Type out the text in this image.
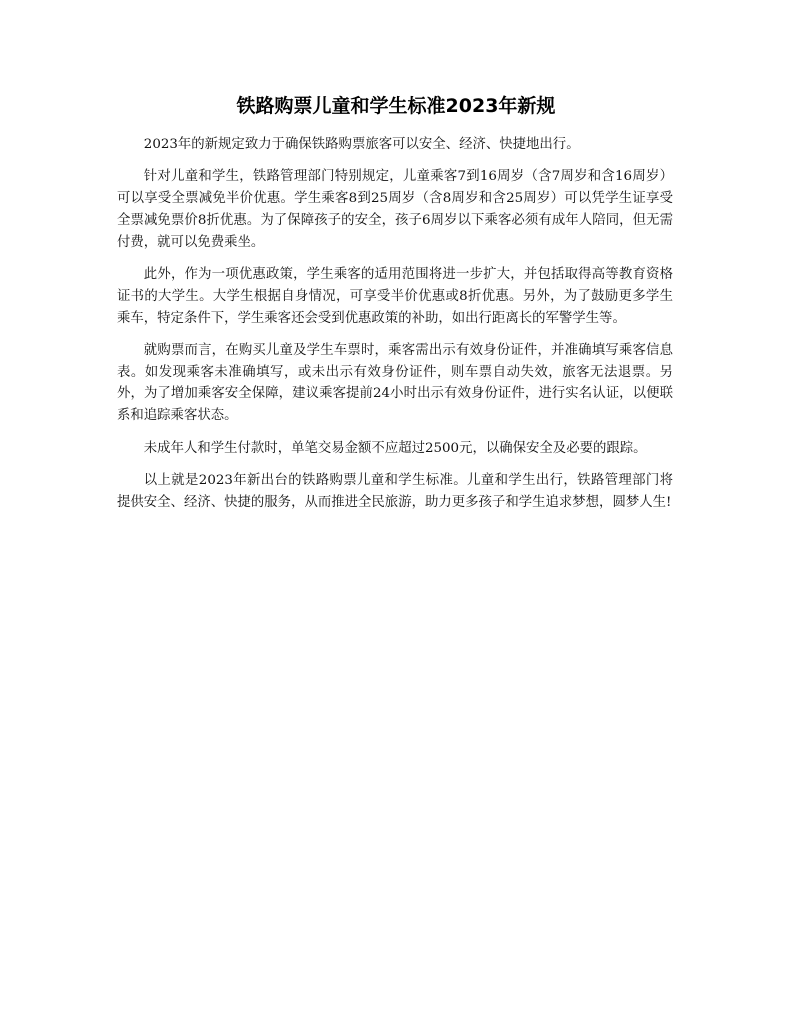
铁路购票儿童和学生标准2023年新规

2023年的新规定致力于确保铁路购票旅客可以安全、经济、快捷地出行。

针对儿童和学生，铁路管理部门特别规定，儿童乘客7到16周岁（含7周岁和含16周岁）可以享受全票减免半价优惠。学生乘客8到25周岁（含8周岁和含25周岁）可以凭学生证享受全票减免票价8折优惠。为了保障孩子的安全，孩子6周岁以下乘客必须有成年人陪同，但无需付费，就可以免费乘坐。

此外，作为一项优惠政策，学生乘客的适用范围将进一步扩大，并包括取得高等教育资格证书的大学生。大学生根据自身情况，可享受半价优惠或8折优惠。另外，为了鼓励更多学生乘车，特定条件下，学生乘客还会受到优惠政策的补助，如出行距离长的军警学生等。

就购票而言，在购买儿童及学生车票时，乘客需出示有效身份证件，并准确填写乘客信息表。如发现乘客未准确填写，或未出示有效身份证件，则车票自动失效，旅客无法退票。另外，为了增加乘客安全保障，建议乘客提前24小时出示有效身份证件，进行实名认证，以便联系和追踪乘客状态。

未成年人和学生付款时，单笔交易金额不应超过2500元，以确保安全及必要的跟踪。

以上就是2023年新出台的铁路购票儿童和学生标准。儿童和学生出行，铁路管理部门将提供安全、经济、快捷的服务，从而推进全民旅游，助力更多孩子和学生追求梦想，圆梦人生!
